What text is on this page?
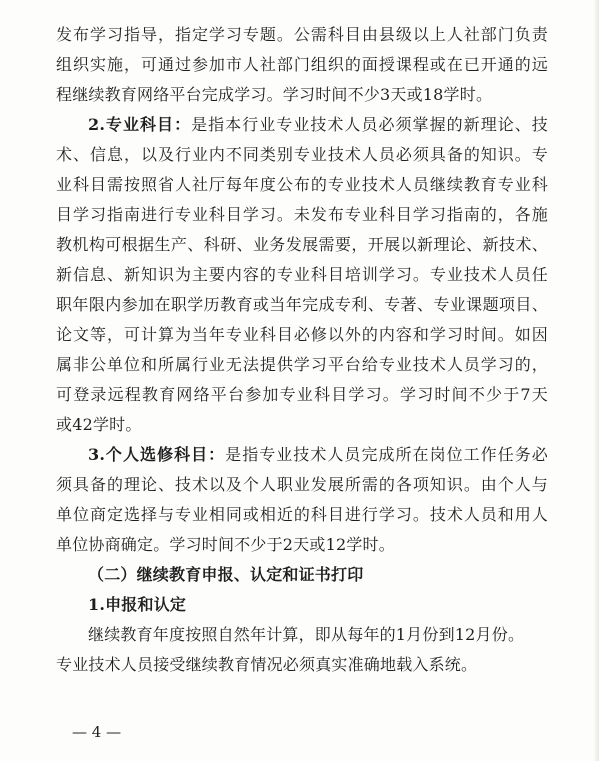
发布学习指导，指定学习专题。公需科目由县级以上人社部门负责
组织实施，可通过参加市人社部门组织的面授课程或在已开通的远
程继续教育网络平台完成学习。学习时间不少3天或18学时。
2.专业科目：是指本行业专业技术人员必须掌握的新理论、技
术、信息，以及行业内不同类别专业技术人员必须具备的知识。专
业科目需按照省人社厅每年度公布的专业技术人员继续教育专业科
目学习指南进行专业科目学习。未发布专业科目学习指南的，各施
教机构可根据生产、科研、业务发展需要，开展以新理论、新技术、
新信息、新知识为主要内容的专业科目培训学习。专业技术人员任
职年限内参加在职学历教育或当年完成专利、专著、专业课题项目、
论文等，可计算为当年专业科目必修以外的内容和学习时间。如因
属非公单位和所属行业无法提供学习平台给专业技术人员学习的，
可登录远程教育网络平台参加专业科目学习。学习时间不少于7天
或42学时。
3.个人选修科目：是指专业技术人员完成所在岗位工作任务必
须具备的理论、技术以及个人职业发展所需的各项知识。由个人与
单位商定选择与专业相同或相近的科目进行学习。技术人员和用人
单位协商确定。学习时间不少于2天或12学时。
（二）继续教育申报、认定和证书打印
1.申报和认定
继续教育年度按照自然年计算，即从每年的1月份到12月份。
专业技术人员接受继续教育情况必须真实准确地载入系统。
— 4 —
